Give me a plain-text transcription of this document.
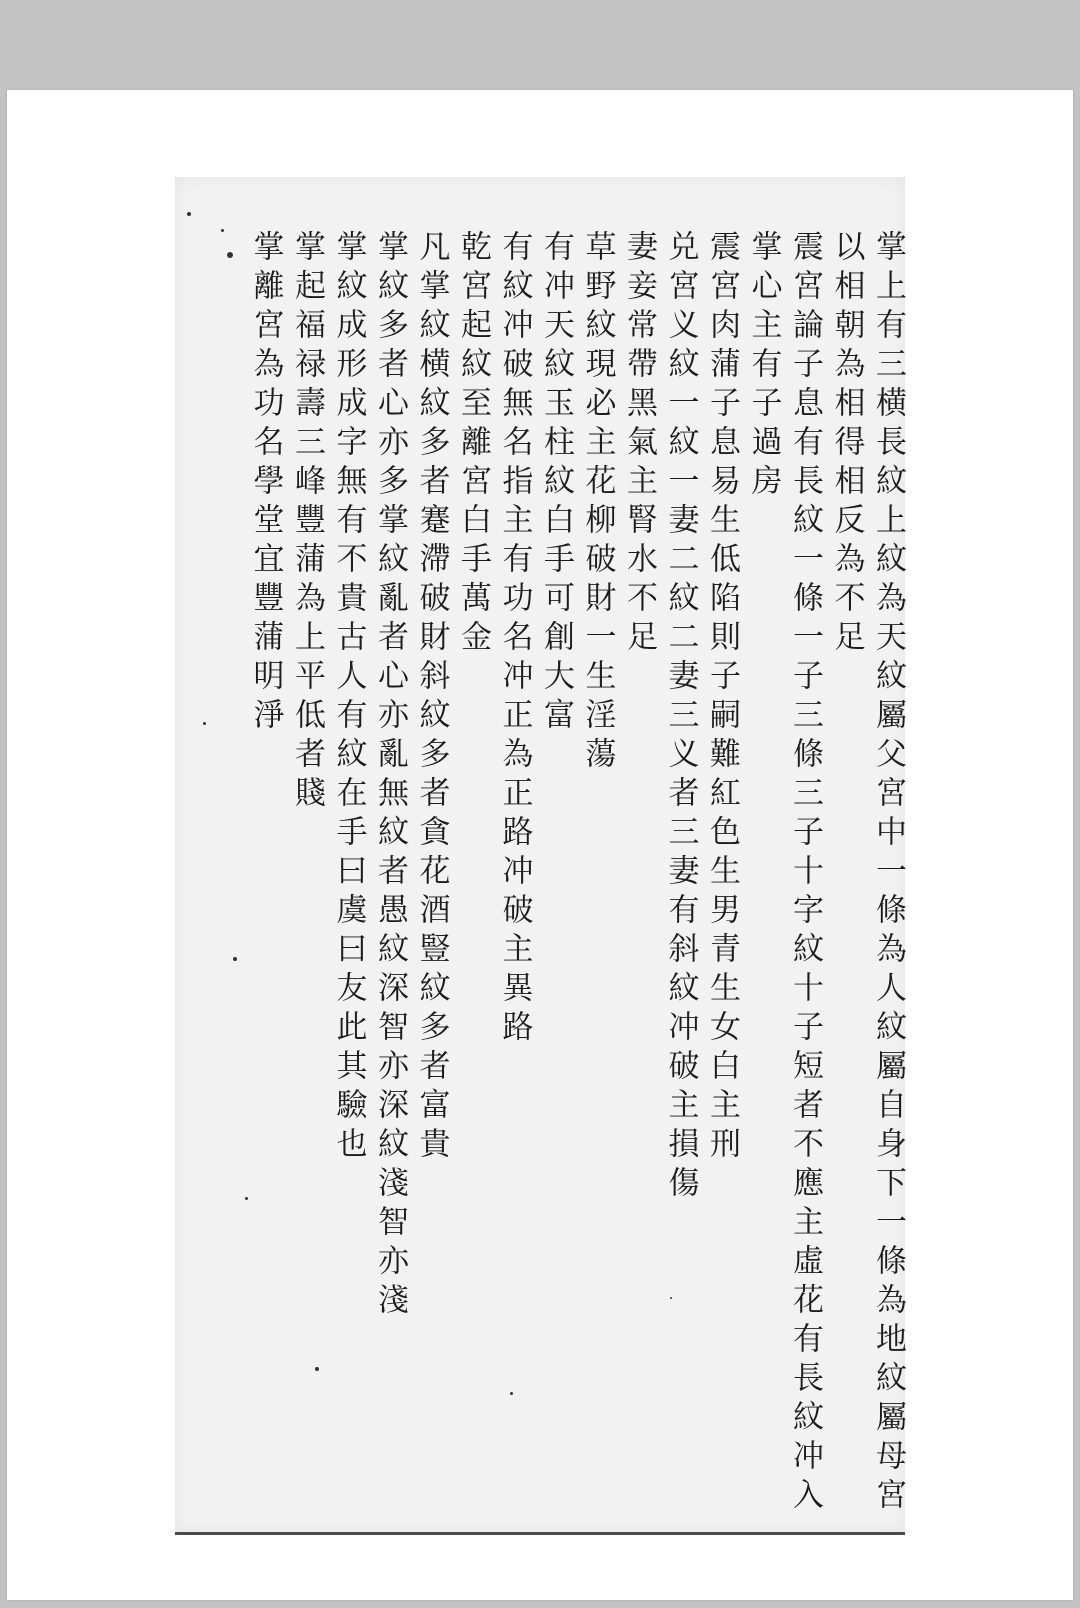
掌上有三横長紋上紋為天紋屬父宮中一條為人紋屬自身下一條為地紋屬母宮
以相朝為相得相反為不足
震宮論子息有長紋一條一子三條三子十字紋十子短者不應主虛花有長紋冲入
掌心主有子過房
震宮肉蒲子息易生低陷則子嗣難紅色生男青生女白主刑
兑宮义紋一紋一妻二紋二妻三义者三妻有斜紋冲破主損傷
妻妾常帶黑氣主腎水不足
草野紋現必主花柳破財一生淫蕩
有冲天紋玉柱紋白手可創大富
有紋冲破無名指主有功名冲正為正路冲破主異路
乾宮起紋至離宮白手萬金
凡掌紋横紋多者蹇滯破財斜紋多者貪花酒豎紋多者富貴
掌紋多者心亦多掌紋亂者心亦亂無紋者愚紋深智亦深紋淺智亦淺
掌紋成形成字無有不貴古人有紋在手曰虞曰友此其驗也
掌起福禄壽三峰豐蒲為上平低者賤
掌離宮為功名學堂宜豐蒲明淨
